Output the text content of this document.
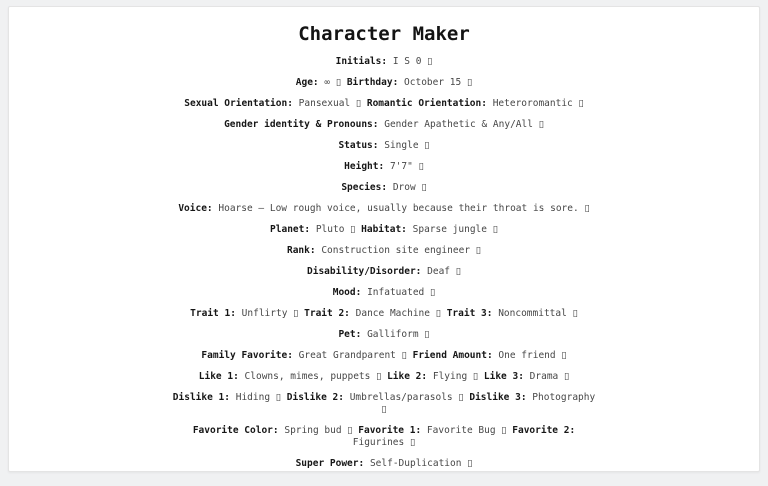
Character Maker

Initials: I S 0 ▯

Age: ∞ ▯ Birthday: October 15 ▯

Sexual Orientation: Pansexual ▯ Romantic Orientation: Heteroromantic ▯

Gender identity & Pronouns: Gender Apathetic & Any/All ▯

Status: Single ▯

Height: 7'7" ▯

Species: Drow ▯

Voice: Hoarse – Low rough voice, usually because their throat is sore. ▯

Planet: Pluto ▯ Habitat: Sparse jungle ▯

Rank: Construction site engineer ▯

Disability/Disorder: Deaf ▯

Mood: Infatuated ▯

Trait 1: Unflirty ▯ Trait 2: Dance Machine ▯ Trait 3: Noncommittal ▯

Pet: Galliform ▯

Family Favorite: Great Grandparent ▯ Friend Amount: One friend ▯

Like 1: Clowns, mimes, puppets ▯ Like 2: Flying ▯ Like 3: Drama ▯

Dislike 1: Hiding ▯ Dislike 2: Umbrellas/parasols ▯ Dislike 3: Photography ▯

Favorite Color: Spring bud ▯ Favorite 1: Favorite Bug ▯ Favorite 2: Figurines ▯

Super Power: Self-Duplication ▯
